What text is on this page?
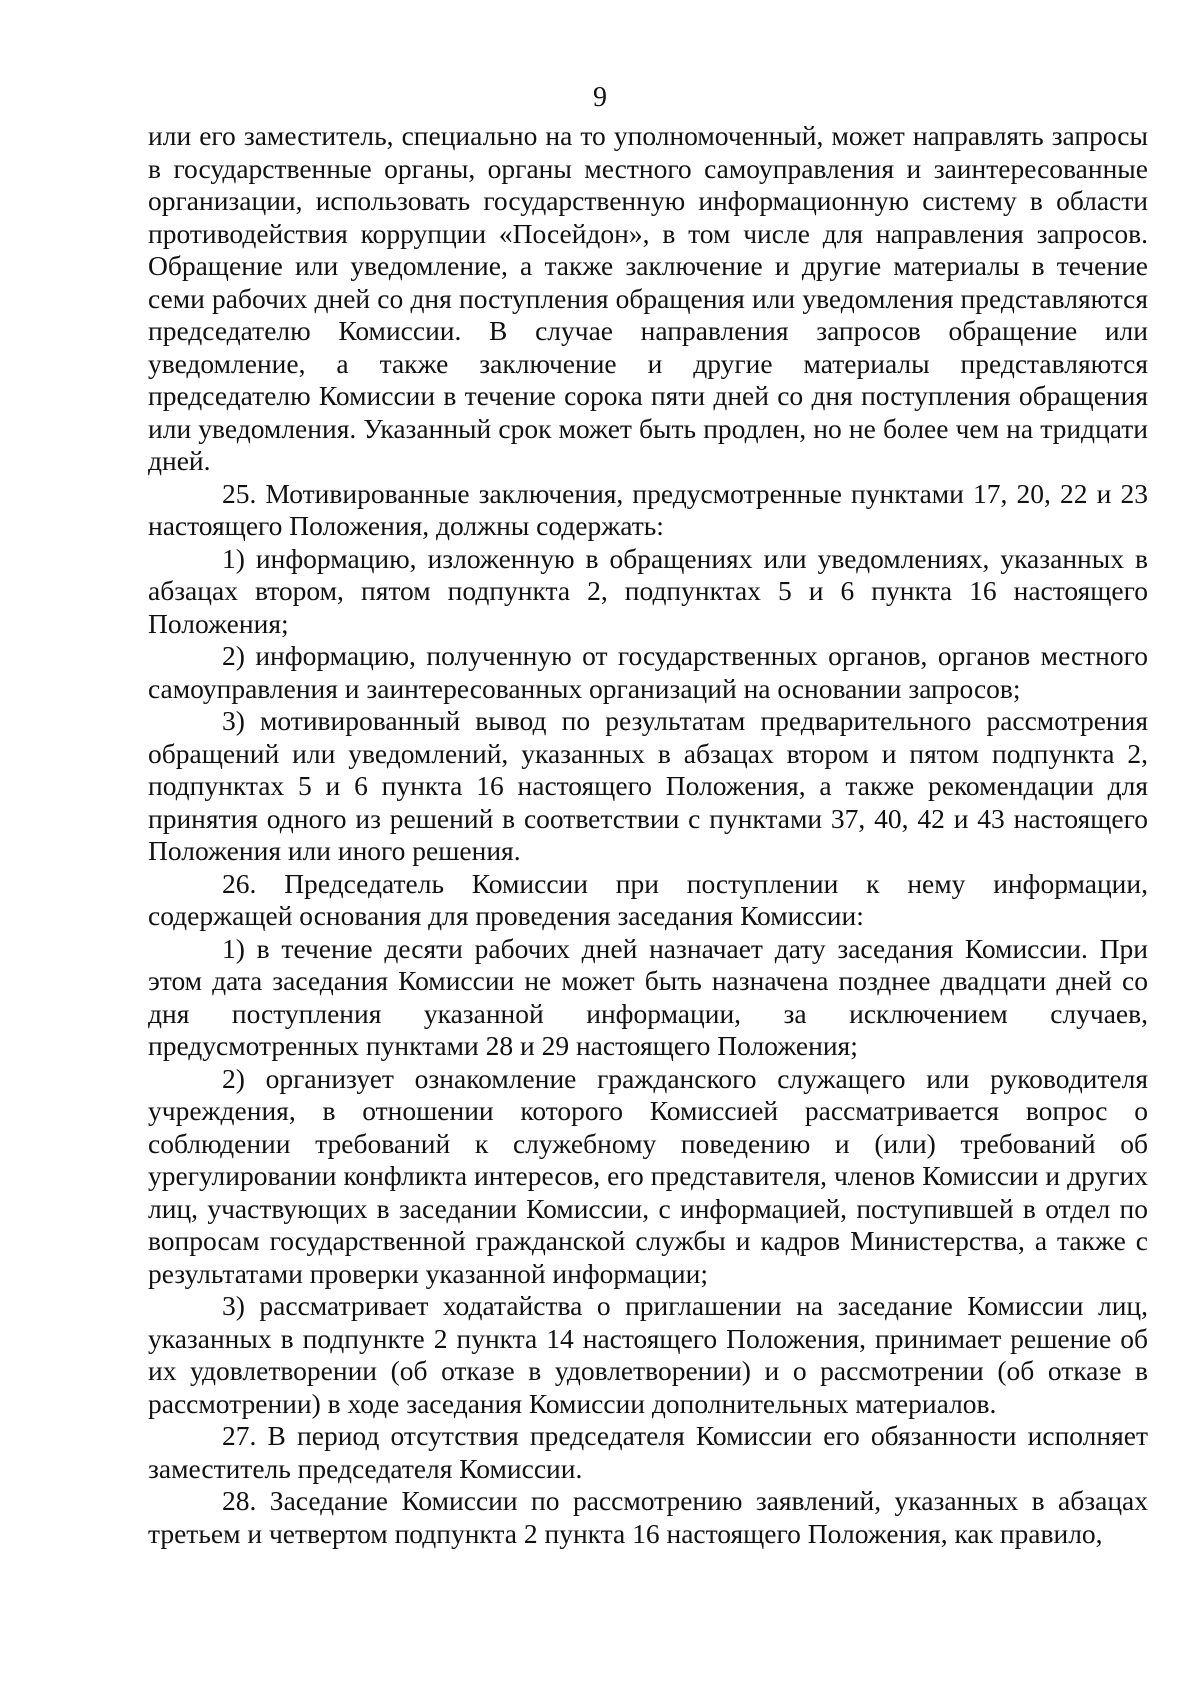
9

или его заместитель, специально на то уполномоченный, может направлять запросы в государственные органы, органы местного самоуправления и заинтересованные организации, использовать государственную информационную систему в области противодействия коррупции «Посейдон», в том числе для направления запросов. Обращение или уведомление, а также заключение и другие материалы в течение семи рабочих дней со дня поступления обращения или уведомления представляются председателю Комиссии. В случае направления запросов обращение или уведомление, а также заключение и другие материалы представляются председателю Комиссии в течение сорока пяти дней со дня поступления обращения или уведомления. Указанный срок может быть продлен, но не более чем на тридцати дней.

25. Мотивированные заключения, предусмотренные пунктами 17, 20, 22 и 23 настоящего Положения, должны содержать:

1) информацию, изложенную в обращениях или уведомлениях, указанных в абзацах втором, пятом подпункта 2, подпунктах 5 и 6 пункта 16 настоящего Положения;

2) информацию, полученную от государственных органов, органов местного самоуправления и заинтересованных организаций на основании запросов;

3) мотивированный вывод по результатам предварительного рассмотрения обращений или уведомлений, указанных в абзацах втором и пятом подпункта 2, подпунктах 5 и 6 пункта 16 настоящего Положения, а также рекомендации для принятия одного из решений в соответствии с пунктами 37, 40, 42 и 43 настоящего Положения или иного решения.

26. Председатель Комиссии при поступлении к нему информации, содержащей основания для проведения заседания Комиссии:

1) в течение десяти рабочих дней назначает дату заседания Комиссии. При этом дата заседания Комиссии не может быть назначена позднее двадцати дней со дня поступления указанной информации, за исключением случаев, предусмотренных пунктами 28 и 29 настоящего Положения;

2) организует ознакомление гражданского служащего или руководителя учреждения, в отношении которого Комиссией рассматривается вопрос о соблюдении требований к служебному поведению и (или) требований об урегулировании конфликта интересов, его представителя, членов Комиссии и других лиц, участвующих в заседании Комиссии, с информацией, поступившей в отдел по вопросам государственной гражданской службы и кадров Министерства, а также с результатами проверки указанной информации;

3) рассматривает ходатайства о приглашении на заседание Комиссии лиц, указанных в подпункте 2 пункта 14 настоящего Положения, принимает решение об их удовлетворении (об отказе в удовлетворении) и о рассмотрении (об отказе в рассмотрении) в ходе заседания Комиссии дополнительных материалов.

27. В период отсутствия председателя Комиссии его обязанности исполняет заместитель председателя Комиссии.

28. Заседание Комиссии по рассмотрению заявлений, указанных в абзацах третьем и четвертом подпункта 2 пункта 16 настоящего Положения, как правило,
